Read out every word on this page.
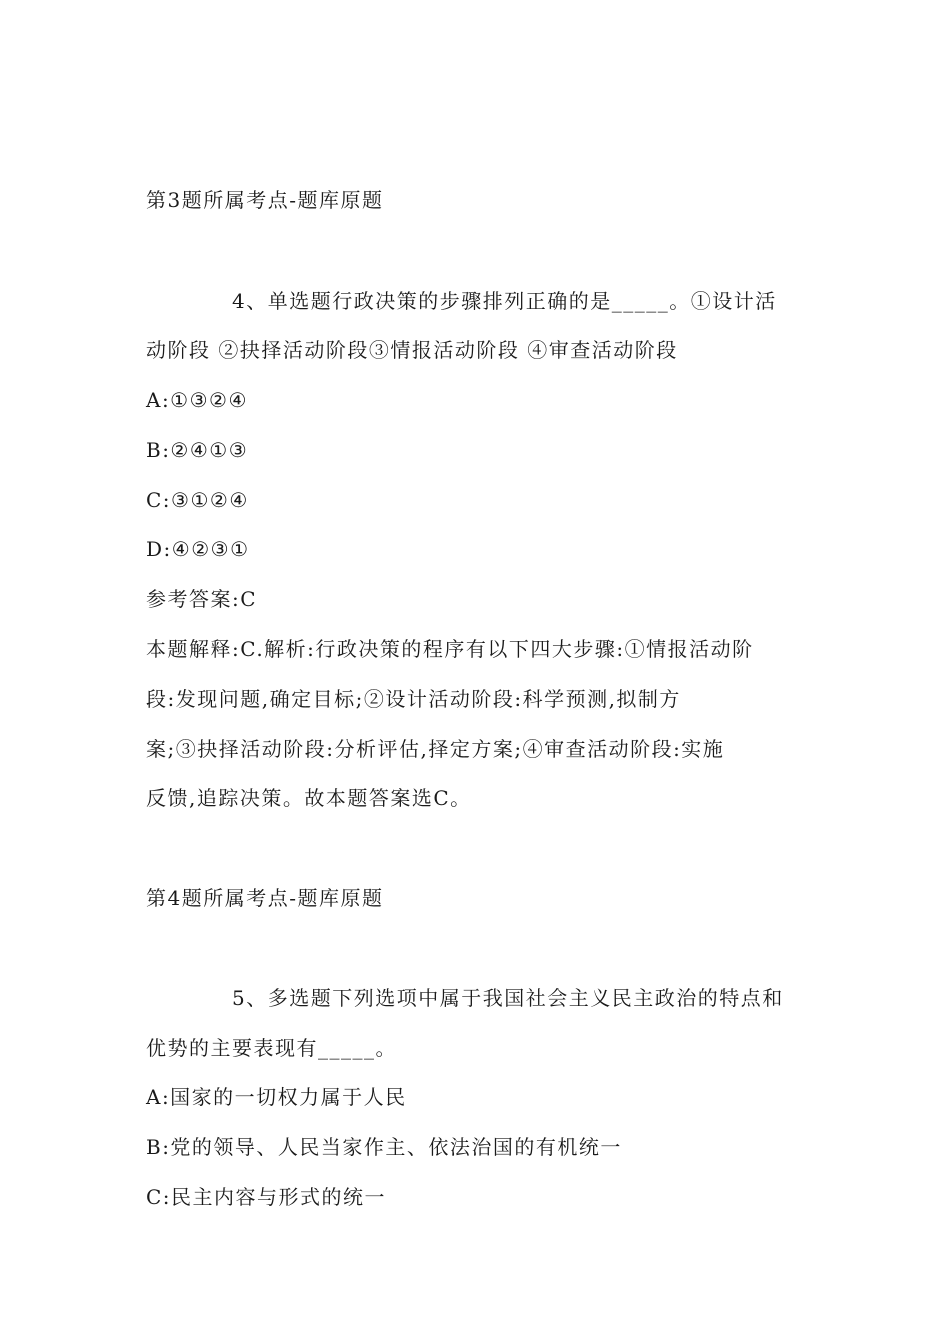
第3题所属考点-题库原题
4、单选题行政决策的步骤排列正确的是_____。①设计活
动阶段 ②抉择活动阶段③情报活动阶段 ④审查活动阶段
A:①③②④
B:②④①③
C:③①②④
D:④②③①
参考答案:C
本题解释:C.解析:行政决策的程序有以下四大步骤:①情报活动阶
段:发现问题,确定目标;②设计活动阶段:科学预测,拟制方
案;③抉择活动阶段:分析评估,择定方案;④审查活动阶段:实施
反馈,追踪决策。故本题答案选C。
第4题所属考点-题库原题
5、多选题下列选项中属于我国社会主义民主政治的特点和
优势的主要表现有_____。
A:国家的一切权力属于人民
B:党的领导、人民当家作主、依法治国的有机统一
C:民主内容与形式的统一
